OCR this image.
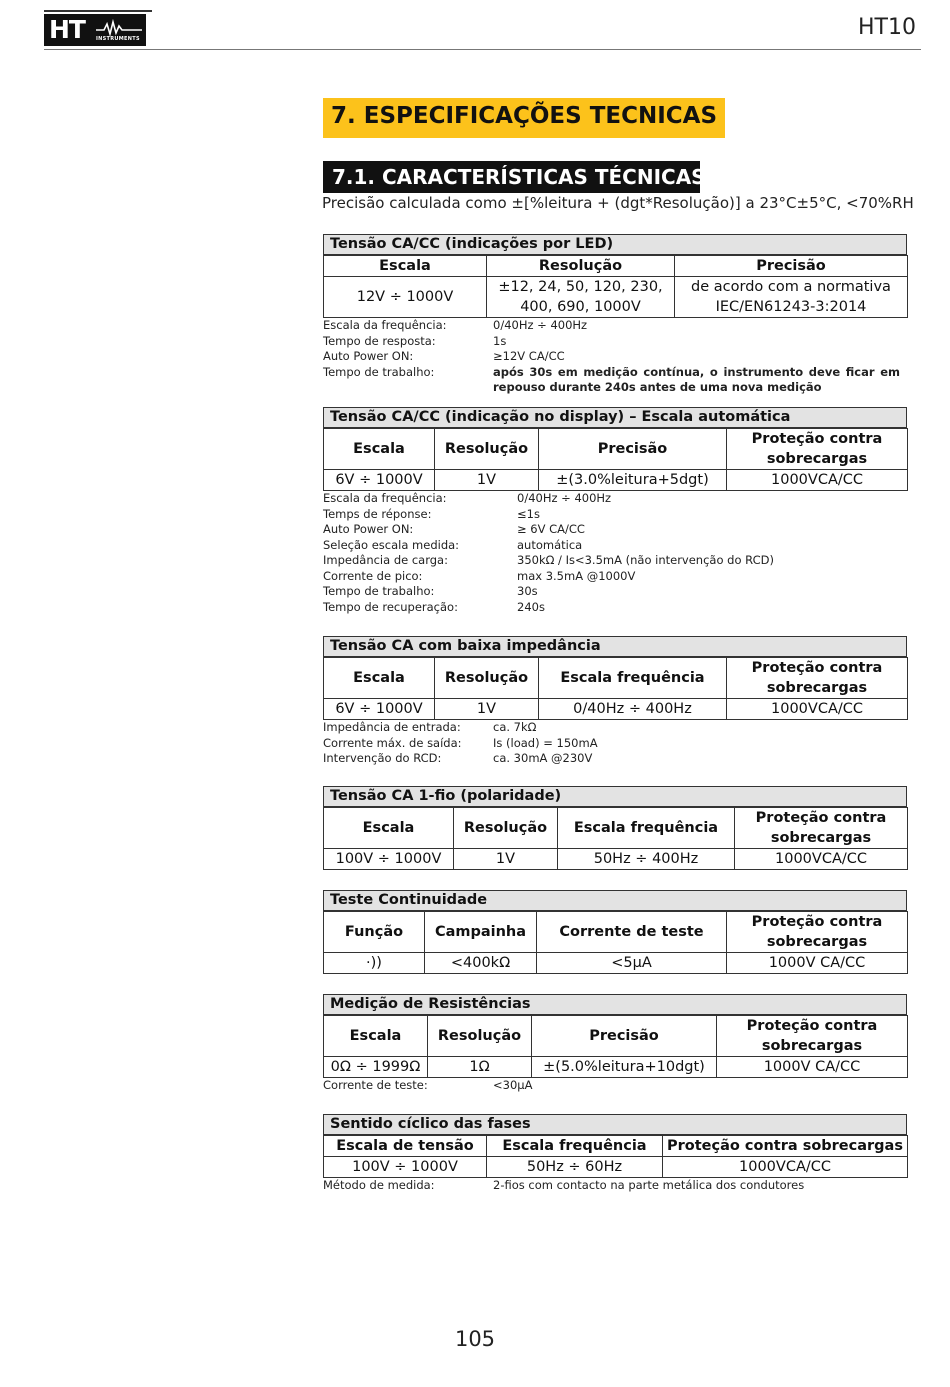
HT INSTRUMENTS	HT10
7. ESPECIFICAÇÕES TECNICAS
7.1. CARACTERÍSTICAS TÉCNICAS
Precisão calculada como ±[%leitura + (dgt*Resolução)] a 23°C±5°C, <70%RH
Tensão CA/CC (indicações por LED)
Escala	Resolução	Precisão
12V ÷ 1000V	±12, 24, 50, 120, 230, 400, 690, 1000V	de acordo com a normativa IEC/EN61243-3:2014
Escala da frequência:	0/40Hz ÷ 400Hz
Tempo de resposta:	1s
Auto Power ON:	≥12V CA/CC
Tempo de trabalho:	após 30s em medição contínua, o instrumento deve ficar em repouso durante 240s antes de uma nova medição
Tensão CA/CC (indicação no display) – Escala automática
Escala	Resolução	Precisão	Proteção contra sobrecargas
6V ÷ 1000V	1V	±(3.0%leitura+5dgt)	1000VCA/CC
Escala da frequência:	0/40Hz ÷ 400Hz
Temps de réponse:	≤1s
Auto Power ON:	≥ 6V CA/CC
Seleção escala medida:	automática
Impedância de carga:	350kΩ / Is<3.5mA (não intervenção do RCD)
Corrente de pico:	max 3.5mA @1000V
Tempo de trabalho:	30s
Tempo de recuperação:	240s
Tensão CA com baixa impedância
Escala	Resolução	Escala frequência	Proteção contra sobrecargas
6V ÷ 1000V	1V	0/40Hz ÷ 400Hz	1000VCA/CC
Impedância de entrada:	ca. 7kΩ
Corrente máx. de saída:	Is (load) = 150mA
Intervenção do RCD:	ca. 30mA @230V
Tensão CA 1-fio (polaridade)
Escala	Resolução	Escala frequência	Proteção contra sobrecargas
100V ÷ 1000V	1V	50Hz ÷ 400Hz	1000VCA/CC
Teste Continuidade
Função	Campainha	Corrente de teste	Proteção contra sobrecargas
·))	<400kΩ	<5µA	1000V CA/CC
Medição de Resistências
Escala	Resolução	Precisão	Proteção contra sobrecargas
0Ω ÷ 1999Ω	1Ω	±(5.0%leitura+10dgt)	1000V CA/CC
Corrente de teste:	<30µA
Sentido cíclico das fases
Escala de tensão	Escala frequência	Proteção contra sobrecargas
100V ÷ 1000V	50Hz ÷ 60Hz	1000VCA/CC
Método de medida:	2-fios com contacto na parte metálica dos condutores
105
